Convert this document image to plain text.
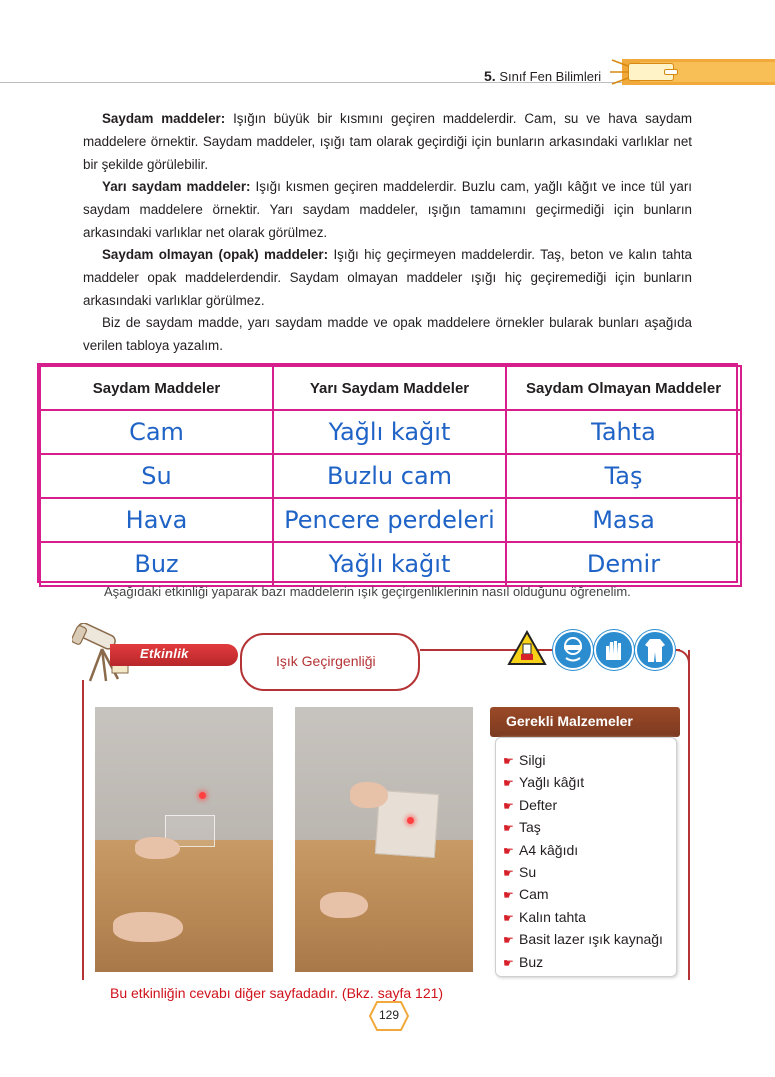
5. Sınıf Fen Bilimleri

Saydam maddeler: Işığın büyük bir kısmını geçiren maddelerdir. Cam, su ve hava saydam maddelere örnektir. Saydam maddeler, ışığı tam olarak geçirdiği için bunların arkasındaki varlıklar net bir şekilde görülebilir.

Yarı saydam maddeler: Işığı kısmen geçiren maddelerdir. Buzlu cam, yağlı kâğıt ve ince tül yarı saydam maddelere örnektir. Yarı saydam maddeler, ışığın tamamını geçirmediği için bunların arkasındaki varlıklar net olarak görülmez.

Saydam olmayan (opak) maddeler: Işığı hiç geçirmeyen maddelerdir. Taş, beton ve kalın tahta maddeler opak maddelerdendir. Saydam olmayan maddeler ışığı hiç geçiremediği için bunların arkasındaki varlıklar görülmez.

Biz de saydam madde, yarı saydam madde ve opak maddelere örnekler bularak bunları aşağıda verilen tabloya yazalım.

Saydam Maddeler	Yarı Saydam Maddeler	Saydam Olmayan Maddeler
Cam	Yağlı kağıt	Tahta
Su	Buzlu cam	Taş
Hava	Pencere perdeleri	Masa
Buz	Yağlı kağıt	Demir
Aşağıdaki etkinliği yaparak bazı maddelerin ışık geçirgenliklerinin nasıl olduğunu öğrenelim.
Etkinlik	Işık Geçirgenliği
Gerekli Malzemeler
☛ Silgi
☛ Yağlı kâğıt
☛ Defter
☛ Taş
☛ A4 kâğıdı
☛ Su
☛ Cam
☛ Kalın tahta
☛ Basit lazer ışık kaynağı
☛ Buz
Bu etkinliğin cevabı diğer sayfadadır. (Bkz. sayfa 121)
129
